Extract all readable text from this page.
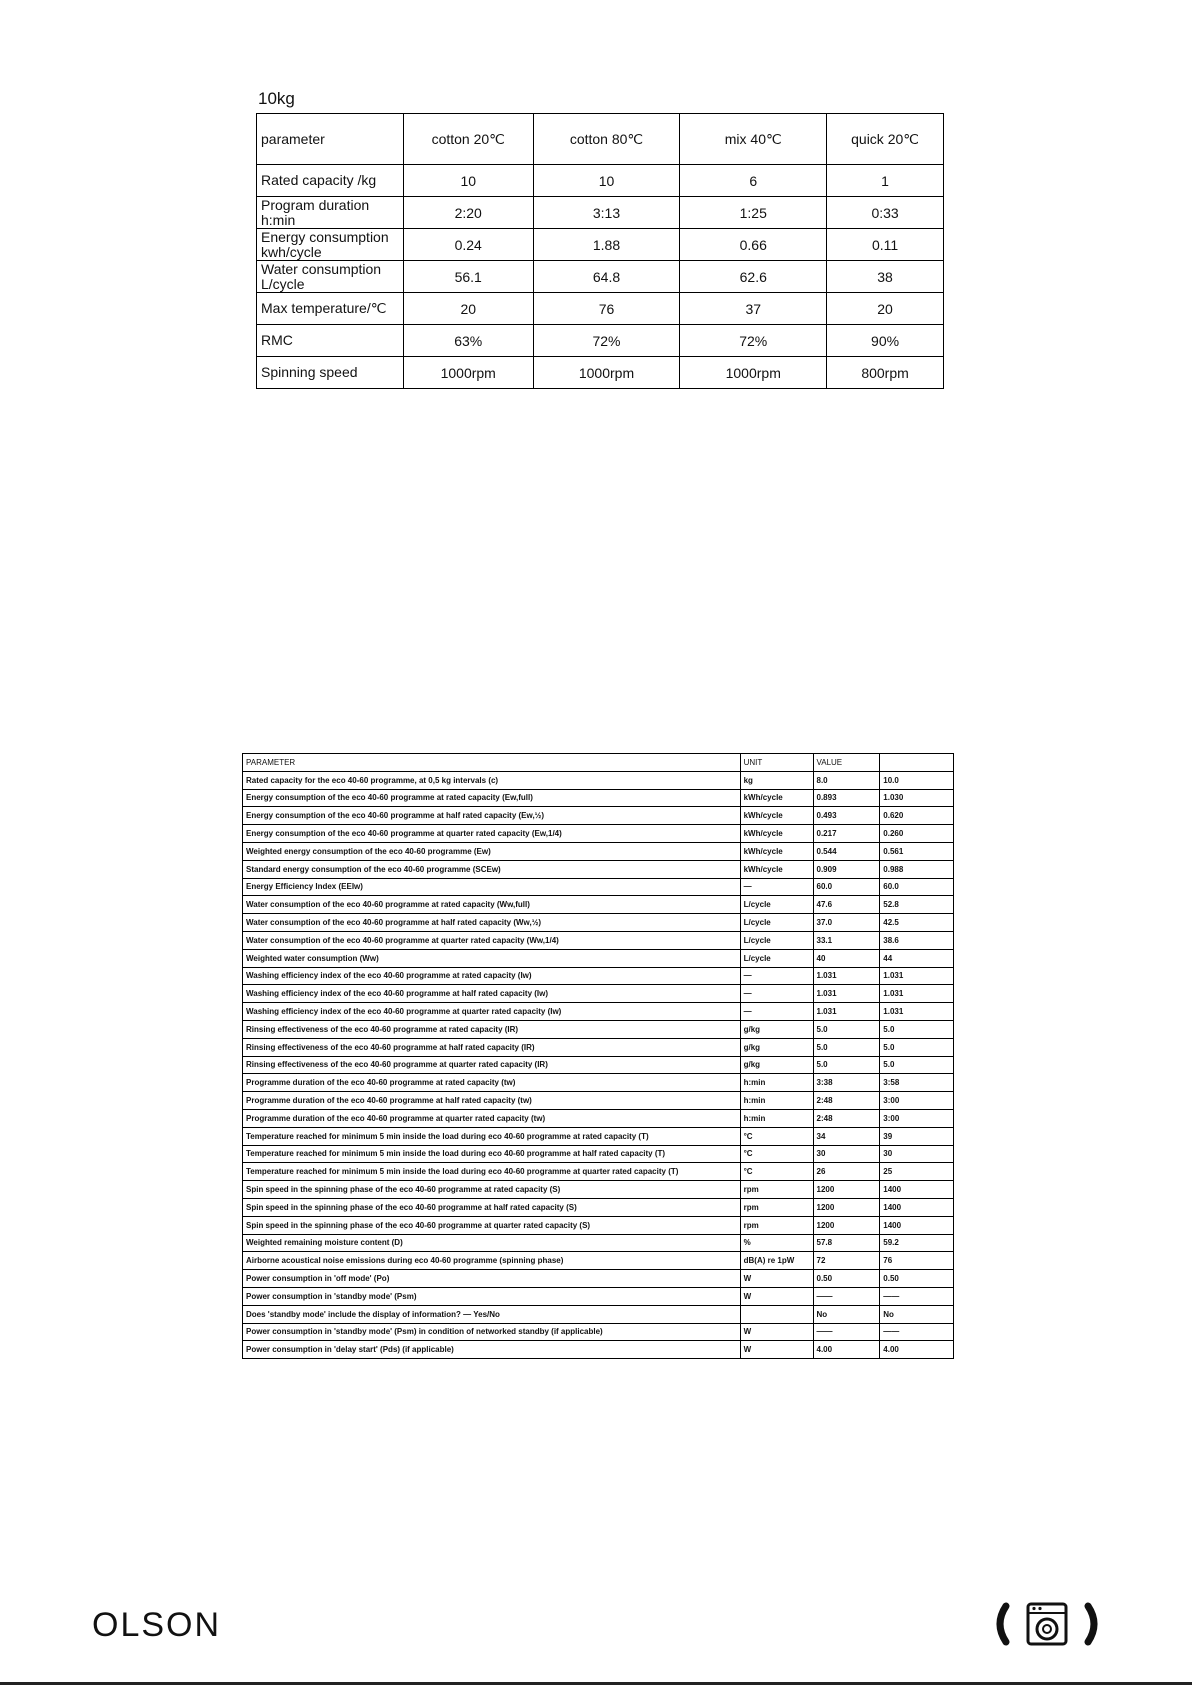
10kg
parameter	cotton 20℃	cotton 80℃	mix 40℃	quick 20℃
Rated capacity /kg	10	10	6	1
Program duration h:min	2:20	3:13	1:25	0:33
Energy consumption kwh/cycle	0.24	1.88	0.66	0.11
Water consumption L/cycle	56.1	64.8	62.6	38
Max temperature/℃	20	76	37	20
RMC	63%	72%	72%	90%
Spinning speed	1000rpm	1000rpm	1000rpm	800rpm
PARAMETER	UNIT	VALUE	
Rated capacity for the eco 40-60 programme, at 0,5 kg intervals (c)	kg	8.0	10.0
Energy consumption of the eco 40-60 programme at rated capacity (Ew,full)	kWh/cycle	0.893	1.030
Energy consumption of the eco 40-60 programme at half rated capacity (Ew,½)	kWh/cycle	0.493	0.620
Energy consumption of the eco 40-60 programme at quarter rated capacity (Ew,1/4)	kWh/cycle	0.217	0.260
Weighted energy consumption of the eco 40-60 programme (Ew)	kWh/cycle	0.544	0.561
Standard energy consumption of the eco 40-60 programme (SCEw)	kWh/cycle	0.909	0.988
Energy Efficiency Index (EEIw)	—	60.0	60.0
Water consumption of the eco 40-60 programme at rated capacity (Ww,full)	L/cycle	47.6	52.8
Water consumption of the eco 40-60 programme at half rated capacity (Ww,½)	L/cycle	37.0	42.5
Water consumption of the eco 40-60 programme at quarter rated capacity (Ww,1/4)	L/cycle	33.1	38.6
Weighted water consumption (Ww)	L/cycle	40	44
Washing efficiency index of the eco 40-60 programme at rated capacity (Iw)	—	1.031	1.031
Washing efficiency index of the eco 40-60 programme at half rated capacity (Iw)	—	1.031	1.031
Washing efficiency index of the eco 40-60 programme at quarter rated capacity (Iw)	—	1.031	1.031
Rinsing effectiveness of the eco 40-60 programme at rated capacity (IR)	g/kg	5.0	5.0
Rinsing effectiveness of the eco 40-60 programme at half rated capacity (IR)	g/kg	5.0	5.0
Rinsing effectiveness of the eco 40-60 programme at quarter rated capacity (IR)	g/kg	5.0	5.0
Programme duration of the eco 40-60 programme at rated capacity (tw)	h:min	3:38	3:58
Programme duration of the eco 40-60 programme at half rated capacity (tw)	h:min	2:48	3:00
Programme duration of the eco 40-60 programme at quarter rated capacity (tw)	h:min	2:48	3:00
Temperature reached for minimum 5 min inside the load during eco 40-60 programme at rated capacity (T)	°C	34	39
Temperature reached for minimum 5 min inside the load during eco 40-60 programme at half rated capacity (T)	°C	30	30
Temperature reached for minimum 5 min inside the load during eco 40-60 programme at quarter rated capacity (T)	°C	26	25
Spin speed in the spinning phase of the eco 40-60 programme at rated capacity (S)	rpm	1200	1400
Spin speed in the spinning phase of the eco 40-60 programme at half rated capacity (S)	rpm	1200	1400
Spin speed in the spinning phase of the eco 40-60 programme at quarter rated capacity (S)	rpm	1200	1400
Weighted remaining moisture content (D)	%	57.8	59.2
Airborne acoustical noise emissions during eco 40-60 programme (spinning phase)	dB(A) re 1pW	72	76
Power consumption in 'off mode' (Po)	W	0.50	0.50
Power consumption in 'standby mode' (Psm)	W	——	——
Does 'standby mode' include the display of information? — Yes/No		No	No
Power consumption in 'standby mode' (Psm) in condition of networked standby (if applicable)	W	——	——
Power consumption in 'delay start' (Pds) (if applicable)	W	4.00	4.00
OLSON
